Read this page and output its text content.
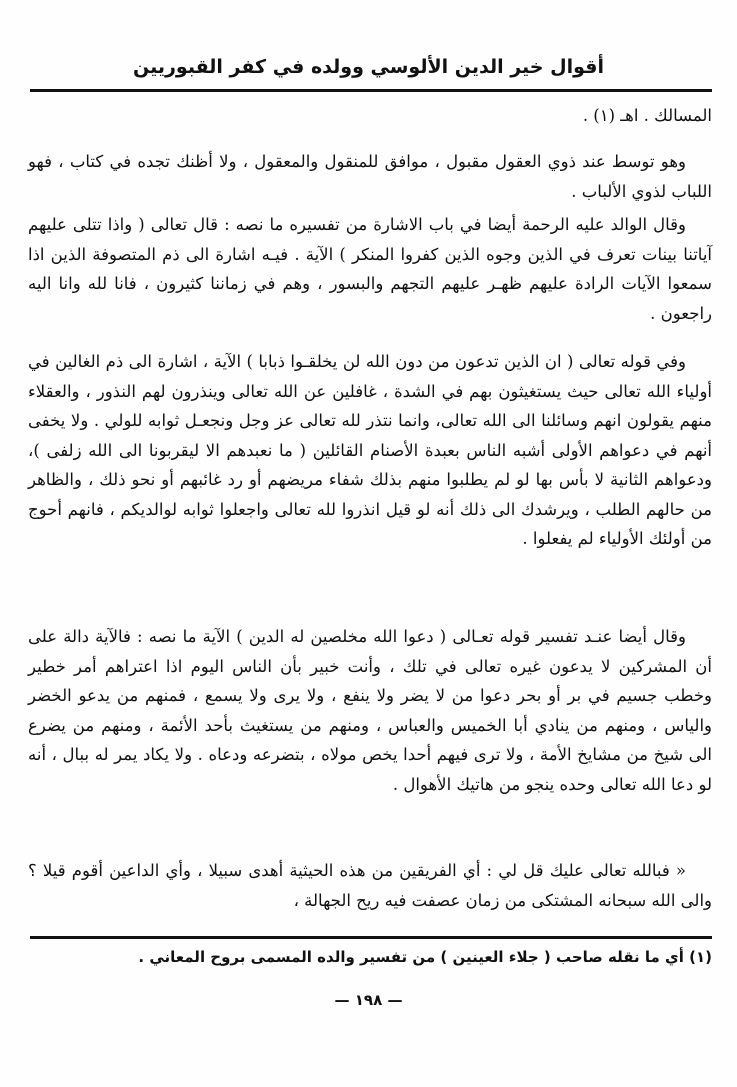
أقوال خير الدين الألوسي وولده في كفر القبوريين

المسالك . اهـ (١) .

وهو توسط عند ذوي العقول مقبول ، موافق للمنقول والمعقول ، ولا أظنك تجده في كتاب ، فهو اللباب لذوي الألباب .

وقال الوالد عليه الرحمة أيضا في باب الاشارة من تفسيره ما نصه : قال تعالى ( واذا تتلى عليهم آياتنا بينات تعرف في الذين وجوه الذين كفروا المنكر ) الآية . فيـه اشارة الى ذم المتصوفة الذين اذا سمعوا الآيات الرادة عليهم ظهـر عليهم التجهم والبسور ، وهم في زماننا كثيرون ، فانا لله وانا اليه راجعون .

وفي قوله تعالى ( ان الذين تدعون من دون الله لن يخلقـوا ذبابا ) الآية ، اشارة الى ذم الغالين في أولياء الله تعالى حيث يستغيثون بهم في الشدة ، غافلين عن الله تعالى وينذرون لهم النذور ، والعقلاء منهم يقولون انهم وسائلنا الى الله تعالى، وانما نتذر لله تعالى عز وجل ونجعـل ثوابه للولي . ولا يخفى أنهم في دعواهم الأولى أشبه الناس بعبدة الأصنام القائلين ( ما نعبدهم الا ليقربونا الى الله زلفى )، ودعواهم الثانية لا بأس بها لو لم يطلبوا منهم بذلك شفاء مريضهم أو رد غائبهم أو نحو ذلك ، والظاهر من حالهم الطلب ، ويرشدك الى ذلك أنه لو قيل انذروا لله تعالى واجعلوا ثوابه لوالديكم ، فانهم أحوج من أولئك الأولياء لم يفعلوا .

وقال أيضا عنـد تفسير قوله تعـالى ( دعوا الله مخلصين له الدين ) الآية ما نصه : فالآية دالة على أن المشركين لا يدعون غيره تعالى في تلك ، وأنت خبير بأن الناس اليوم اذا اعتراهم أمر خطير وخطب جسيم في بر أو بحر دعوا من لا يضر ولا ينفع ، ولا يرى ولا يسمع ، فمنهم من يدعو الخضر والياس ، ومنهم من ينادي أبا الخميس والعباس ، ومنهم من يستغيث بأحد الأئمة ، ومنهم من يضرع الى شيخ من مشايخ الأمة ، ولا ترى فيهم أحدا يخص مولاه ، بتضرعه ودعاه . ولا يكاد يمر له ببال ، أنه لو دعا الله تعالى وحده ينجو من هاتيك الأهوال .

« فبالله تعالى عليك قل لي : أي الفريقين من هذه الحيثية أهدى سبيلا ، وأي الداعين أقوم قيلا ؟ والى الله سبحانه المشتكى من زمان عصفت فيه ريح الجهالة ،

(١) أي ما نقله صاحب ( جلاء العينين ) من تفسير والده المسمى بروح المعاني .
— ١٩٨ —
